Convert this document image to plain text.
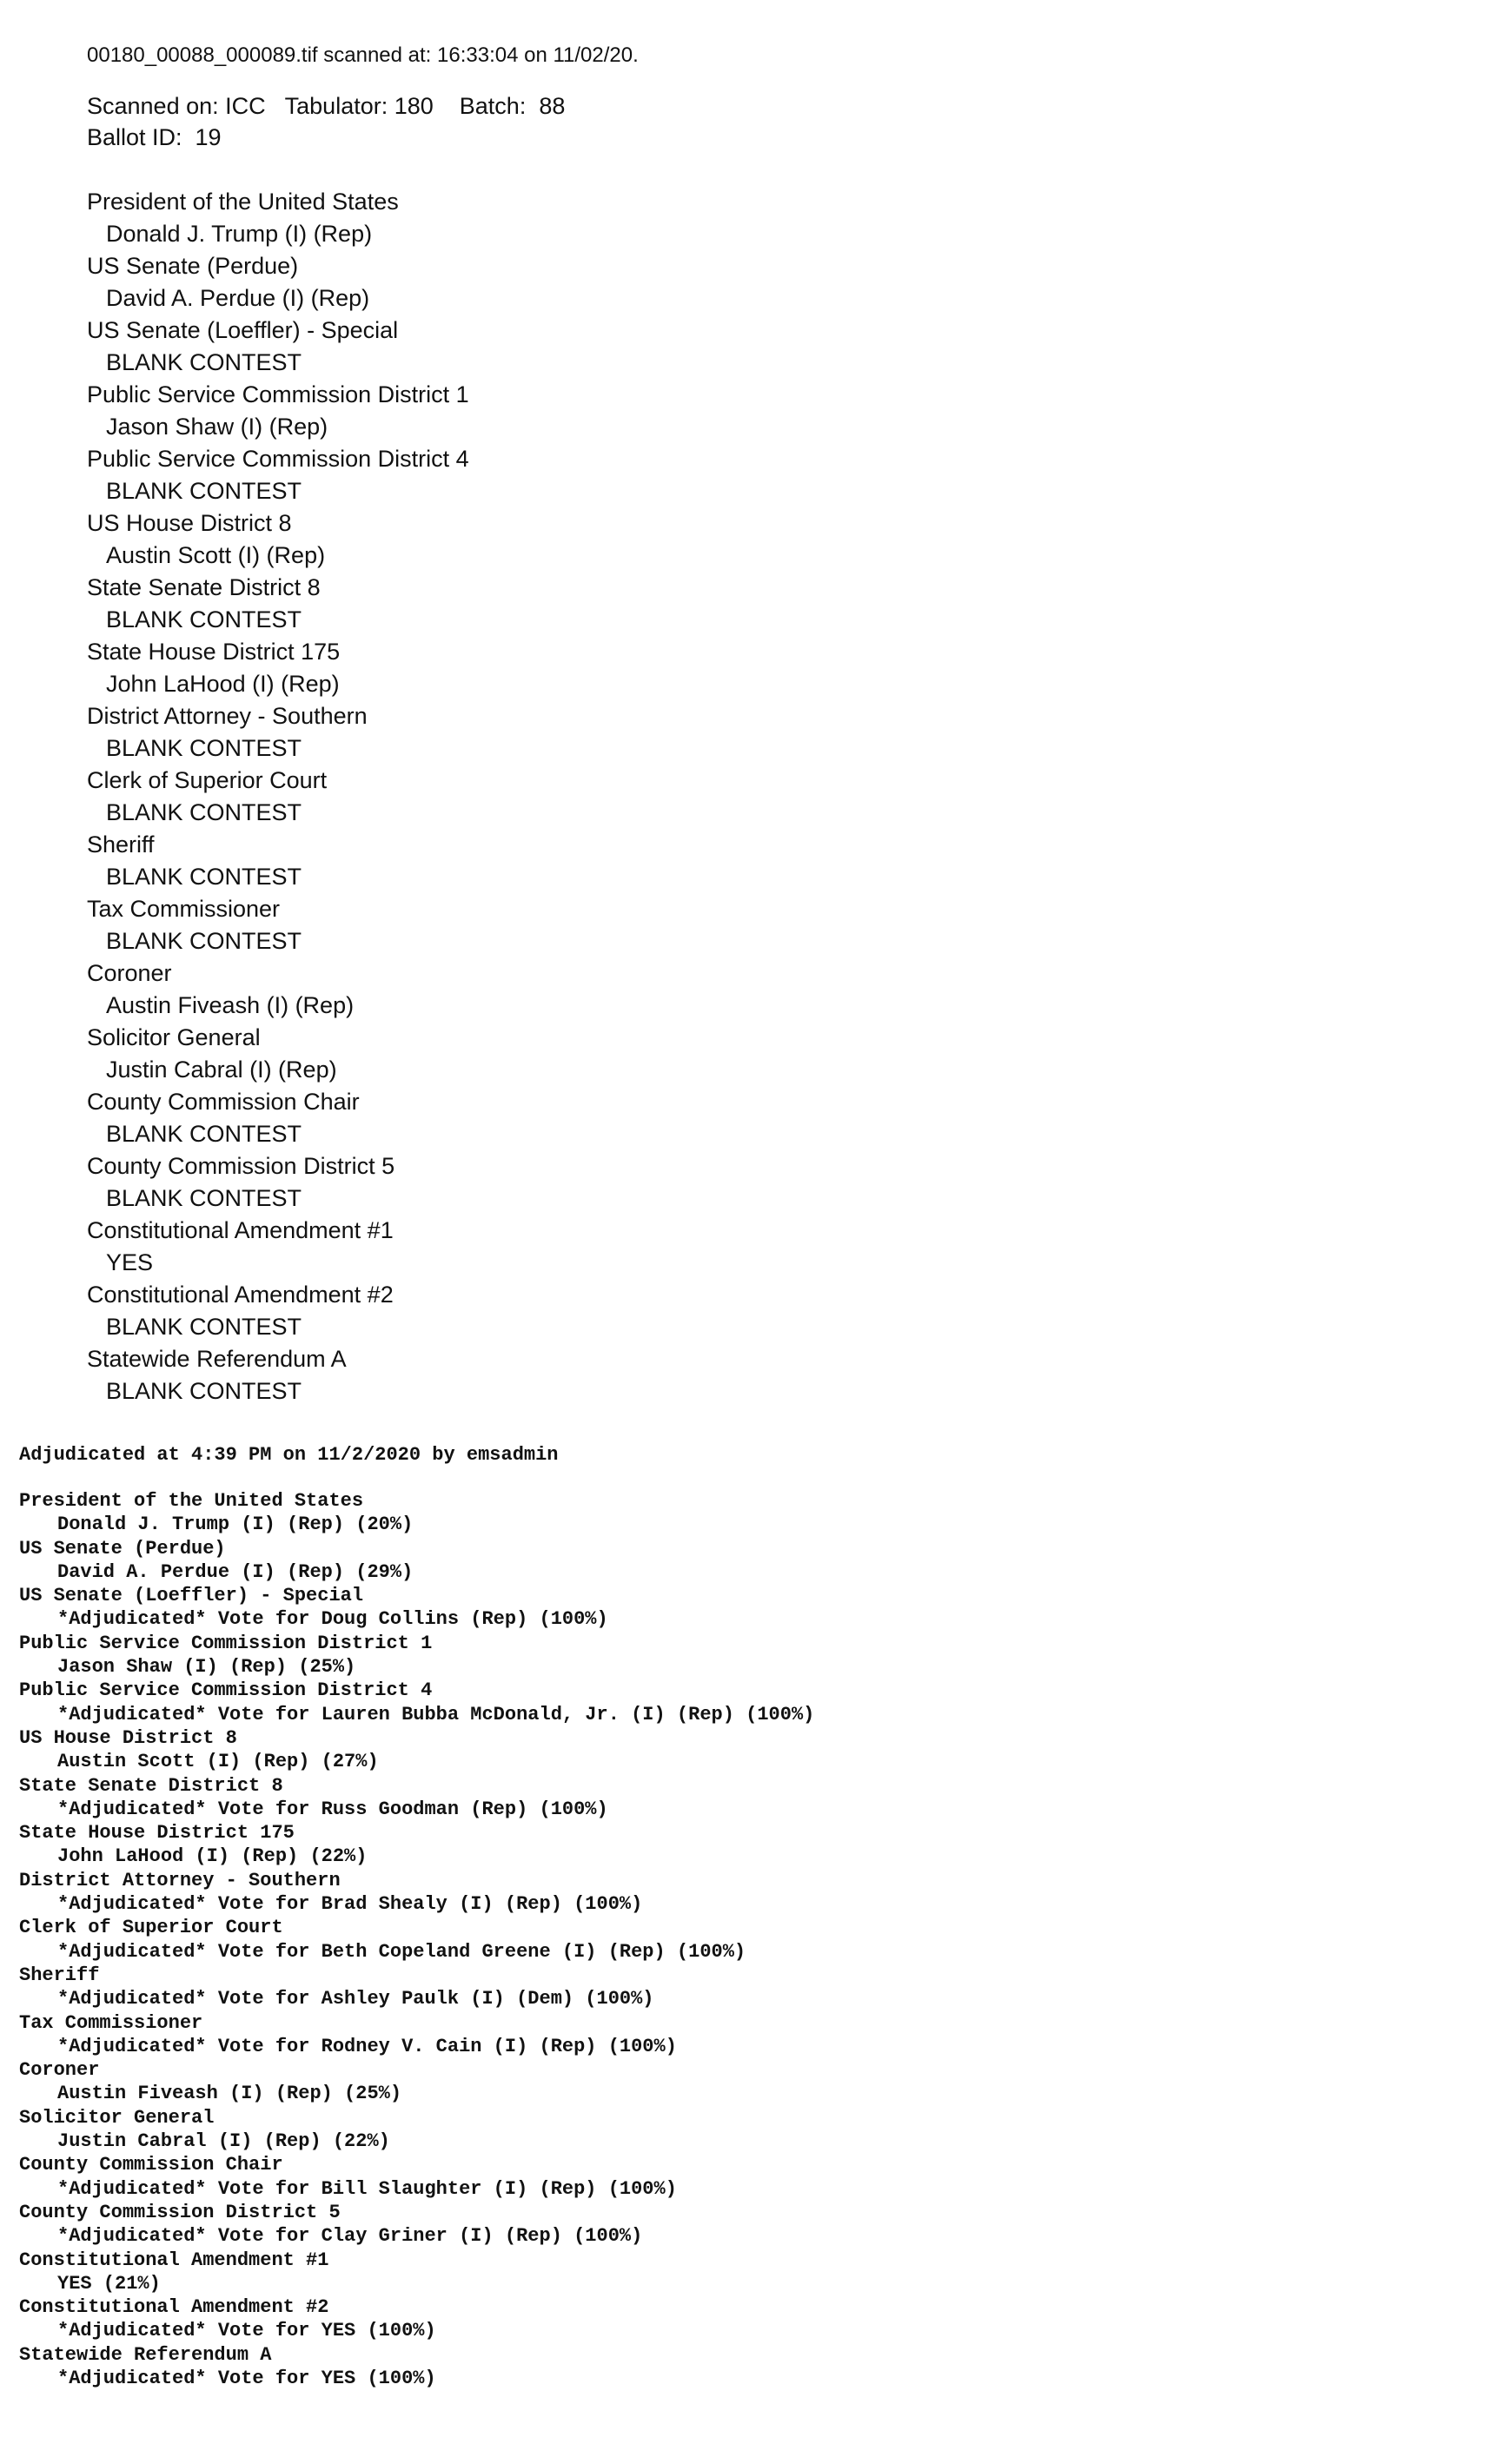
00180_00088_000089.tif scanned at: 16:33:04 on 11/02/20.
Scanned on: ICC   Tabulator: 180    Batch:  88
Ballot ID:  19
President of the United States
Donald J. Trump (I) (Rep)
US Senate (Perdue)
David A. Perdue (I) (Rep)
US Senate (Loeffler) - Special
BLANK CONTEST
Public Service Commission District 1
Jason Shaw (I) (Rep)
Public Service Commission District 4
BLANK CONTEST
US House District 8
Austin Scott (I) (Rep)
State Senate District 8
BLANK CONTEST
State House District 175
John LaHood (I) (Rep)
District Attorney - Southern
BLANK CONTEST
Clerk of Superior Court
BLANK CONTEST
Sheriff
BLANK CONTEST
Tax Commissioner
BLANK CONTEST
Coroner
Austin Fiveash (I) (Rep)
Solicitor General
Justin Cabral (I) (Rep)
County Commission Chair
BLANK CONTEST
County Commission District 5
BLANK CONTEST
Constitutional Amendment #1
YES
Constitutional Amendment #2
BLANK CONTEST
Statewide Referendum A
BLANK CONTEST
Adjudicated at 4:39 PM on 11/2/2020 by emsadmin
President of the United States
Donald J. Trump (I) (Rep) (20%)
US Senate (Perdue)
David A. Perdue (I) (Rep) (29%)
US Senate (Loeffler) - Special
*Adjudicated* Vote for Doug Collins (Rep) (100%)
Public Service Commission District 1
Jason Shaw (I) (Rep) (25%)
Public Service Commission District 4
*Adjudicated* Vote for Lauren Bubba McDonald, Jr. (I) (Rep) (100%)
US House District 8
Austin Scott (I) (Rep) (27%)
State Senate District 8
*Adjudicated* Vote for Russ Goodman (Rep) (100%)
State House District 175
John LaHood (I) (Rep) (22%)
District Attorney - Southern
*Adjudicated* Vote for Brad Shealy (I) (Rep) (100%)
Clerk of Superior Court
*Adjudicated* Vote for Beth Copeland Greene (I) (Rep) (100%)
Sheriff
*Adjudicated* Vote for Ashley Paulk (I) (Dem) (100%)
Tax Commissioner
*Adjudicated* Vote for Rodney V. Cain (I) (Rep) (100%)
Coroner
Austin Fiveash (I) (Rep) (25%)
Solicitor General
Justin Cabral (I) (Rep) (22%)
County Commission Chair
*Adjudicated* Vote for Bill Slaughter (I) (Rep) (100%)
County Commission District 5
*Adjudicated* Vote for Clay Griner (I) (Rep) (100%)
Constitutional Amendment #1
YES (21%)
Constitutional Amendment #2
*Adjudicated* Vote for YES (100%)
Statewide Referendum A
*Adjudicated* Vote for YES (100%)
